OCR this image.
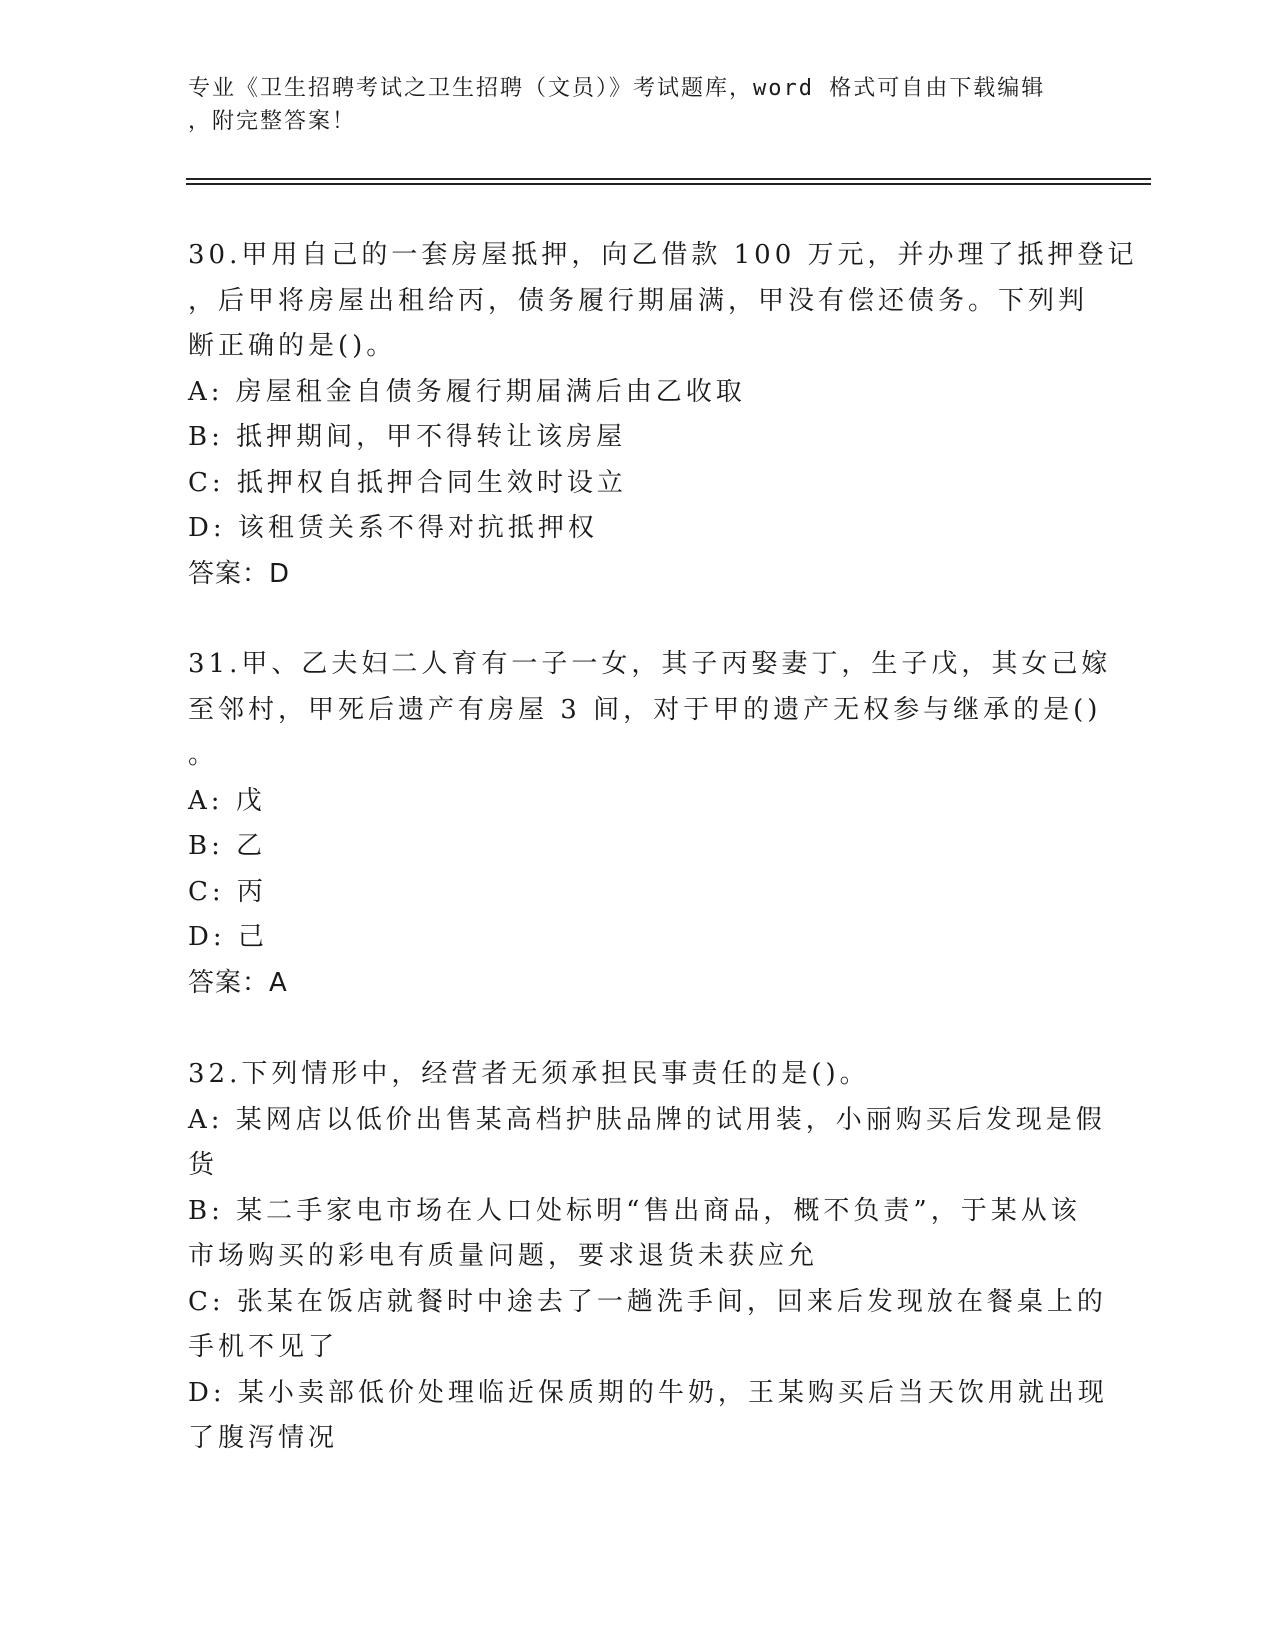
专业《卫生招聘考试之卫生招聘（文员）》考试题库，word 格式可自由下载编辑
，附完整答案！
30.甲用自己的一套房屋抵押，向乙借款 100 万元，并办理了抵押登记
，后甲将房屋出租给丙，债务履行期届满，甲没有偿还债务。下列判
断正确的是()。
A: 房屋租金自债务履行期届满后由乙收取
B: 抵押期间，甲不得转让该房屋
C: 抵押权自抵押合同生效时设立
D: 该租赁关系不得对抗抵押权
答案：D
31.甲、乙夫妇二人育有一子一女，其子丙娶妻丁，生子戊，其女己嫁
至邻村，甲死后遗产有房屋 3 间，对于甲的遗产无权参与继承的是()
。
A: 戊
B: 乙
C: 丙
D: 己
答案：A
32.下列情形中，经营者无须承担民事责任的是()。
A: 某网店以低价出售某高档护肤品牌的试用装，小丽购买后发现是假
货
B: 某二手家电市场在人口处标明“售出商品，概不负责”，于某从该
市场购买的彩电有质量问题，要求退货未获应允
C: 张某在饭店就餐时中途去了一趟洗手间，回来后发现放在餐桌上的
手机不见了
D: 某小卖部低价处理临近保质期的牛奶，王某购买后当天饮用就出现
了腹泻情况
